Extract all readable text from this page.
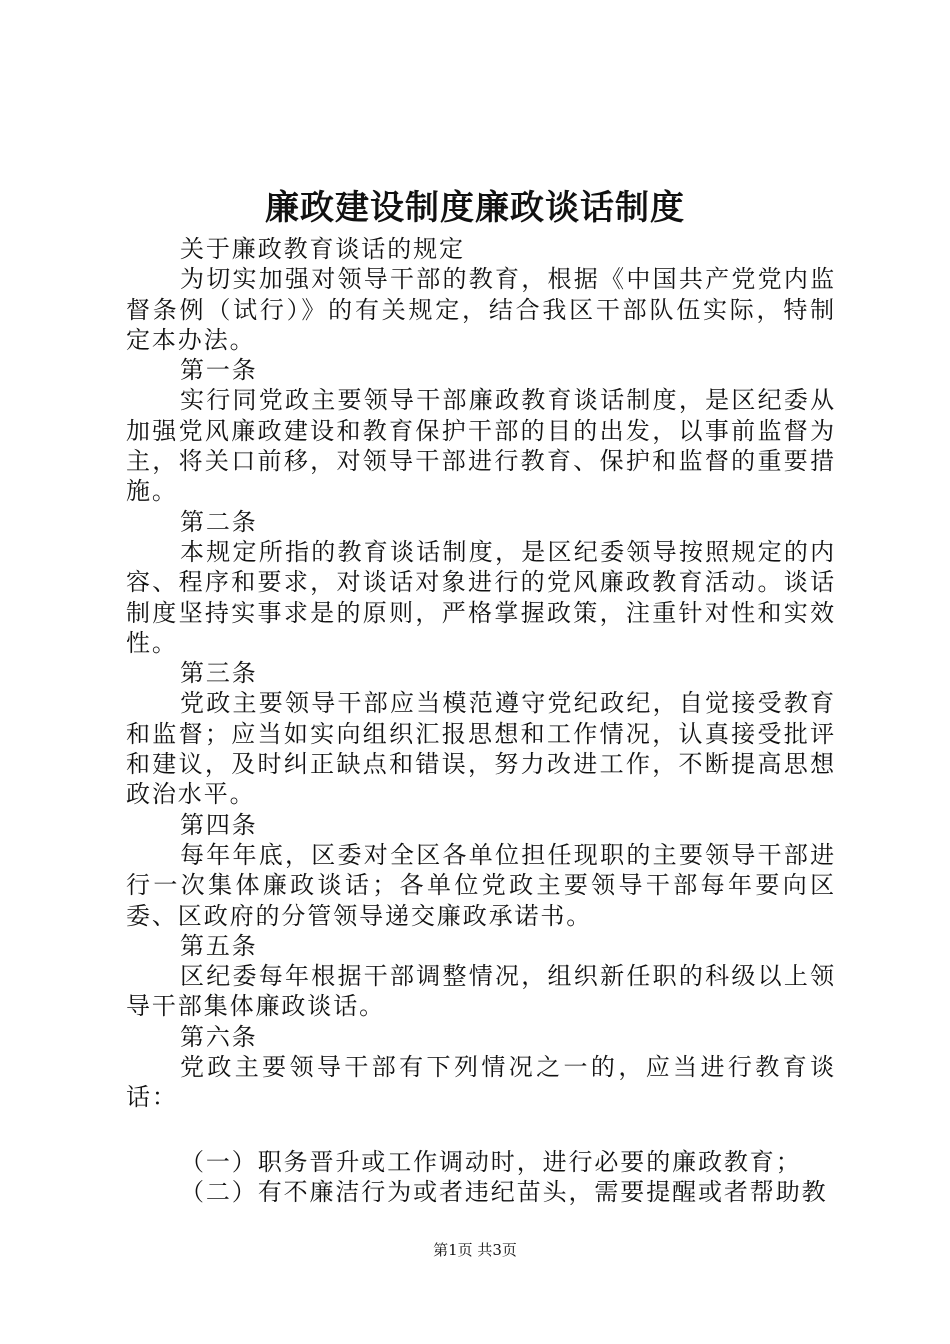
廉政建设制度廉政谈话制度

关于廉政教育谈话的规定

为切实加强对领导干部的教育，根据《中国共产党党内监督条例（试行）》的有关规定，结合我区干部队伍实际，特制定本办法。

第一条

实行同党政主要领导干部廉政教育谈话制度，是区纪委从加强党风廉政建设和教育保护干部的目的出发，以事前监督为主，将关口前移，对领导干部进行教育、保护和监督的重要措施。

第二条

本规定所指的教育谈话制度，是区纪委领导按照规定的内容、程序和要求，对谈话对象进行的党风廉政教育活动。谈话制度坚持实事求是的原则，严格掌握政策，注重针对性和实效性。

第三条

党政主要领导干部应当模范遵守党纪政纪，自觉接受教育和监督；应当如实向组织汇报思想和工作情况，认真接受批评和建议，及时纠正缺点和错误，努力改进工作，不断提高思想政治水平。

第四条

每年年底，区委对全区各单位担任现职的主要领导干部进行一次集体廉政谈话；各单位党政主要领导干部每年要向区委、区政府的分管领导递交廉政承诺书。

第五条

区纪委每年根据干部调整情况，组织新任职的科级以上领导干部集体廉政谈话。

第六条

党政主要领导干部有下列情况之一的，应当进行教育谈话：

（一）职务晋升或工作调动时，进行必要的廉政教育；

（二）有不廉洁行为或者违纪苗头，需要提醒或者帮助教

第1页 共3页
